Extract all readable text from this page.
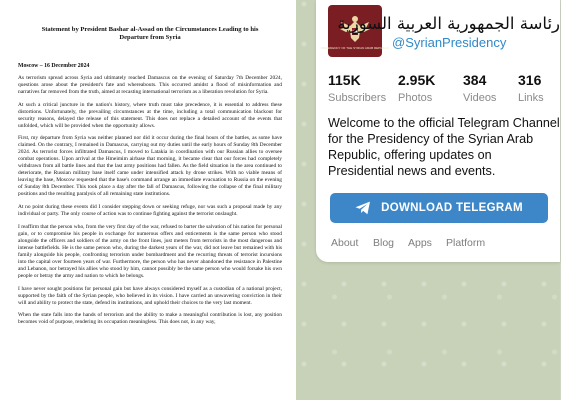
Statement by President Bashar al-Assad on the Circumstances Leading to his Departure from Syria
Moscow – 16 December 2024

As terrorism spread across Syria and ultimately reached Damascus on the evening of Saturday 7th December 2024, questions arose about the president's fate and whereabouts. This occurred amidst a flood of misinformation and narratives far removed from the truth, aimed at recasting international terrorism as a liberation revolution for Syria.

At such a critical juncture in the nation's history, where truth must take precedence, it is essential to address these distortions. Unfortunately, the prevailing circumstances at the time, including a total communication blackout for security reasons, delayed the release of this statement. This does not replace a detailed account of the events that unfolded, which will be provided when the opportunity allows.

First, my departure from Syria was neither planned nor did it occur during the final hours of the battles, as some have claimed. On the contrary, I remained in Damascus, carrying out my duties until the early hours of Sunday 8th December 2024. As terrorist forces infiltrated Damascus, I moved to Latakia in coordination with our Russian allies to oversee combat operations. Upon arrival at the Hmeimim airbase that morning, it became clear that our forces had completely withdrawn from all battle lines and that the last army positions had fallen. As the field situation in the area continued to deteriorate, the Russian military base itself came under intensified attack by drone strikes. With no viable means of leaving the base, Moscow requested that the base's command arrange an immediate evacuation to Russia on the evening of Sunday 8th December. This took place a day after the fall of Damascus, following the collapse of the final military positions and the resulting paralysis of all remaining state institutions.

At no point during these events did I consider stepping down or seeking refuge, nor was such a proposal made by any individual or party. The only course of action was to continue fighting against the terrorist onslaught.

I reaffirm that the person who, from the very first day of the war, refused to barter the salvation of his nation for personal gain, or to compromise his people in exchange for numerous offers and enticements is the same person who stood alongside the officers and soldiers of the army on the front lines, just meters from terrorists in the most dangerous and intense battlefields. He is the same person who, during the darkest years of the war, did not leave but remained with his family alongside his people, confronting terrorism under bombardment and the recurring threats of terrorist incursions into the capital over fourteen years of war. Furthermore, the person who has never abandoned the resistance in Palestine and Lebanon, nor betrayed his allies who stood by him, cannot possibly be the same person who would forsake his own people or betray the army and nation to which he belongs.

I have never sought positions for personal gain but have always considered myself as a custodian of a national project, supported by the faith of the Syrian people, who believed in its vision. I have carried an unwavering conviction in their will and ability to protect the state, defend its institutions, and uphold their choices to the very last moment.

When the state falls into the hands of terrorism and the ability to make a meaningful contribution is lost, any position becomes void of purpose, rendering its occupation meaningless. This does not, in any way,

PRESIDENCY OF THE SYRIAN ARAB REPUBLIC
رئاسة الجمهورية العربية السورية
@SyrianPresidency
115K
Subscribers
2.95K
Photos
384
Videos
316
Links
Welcome to the official Telegram Channel for the Presidency of the Syrian Arab Republic, offering updates on Presidential news and events.
DOWNLOAD TELEGRAM
About Blog Apps Platform
